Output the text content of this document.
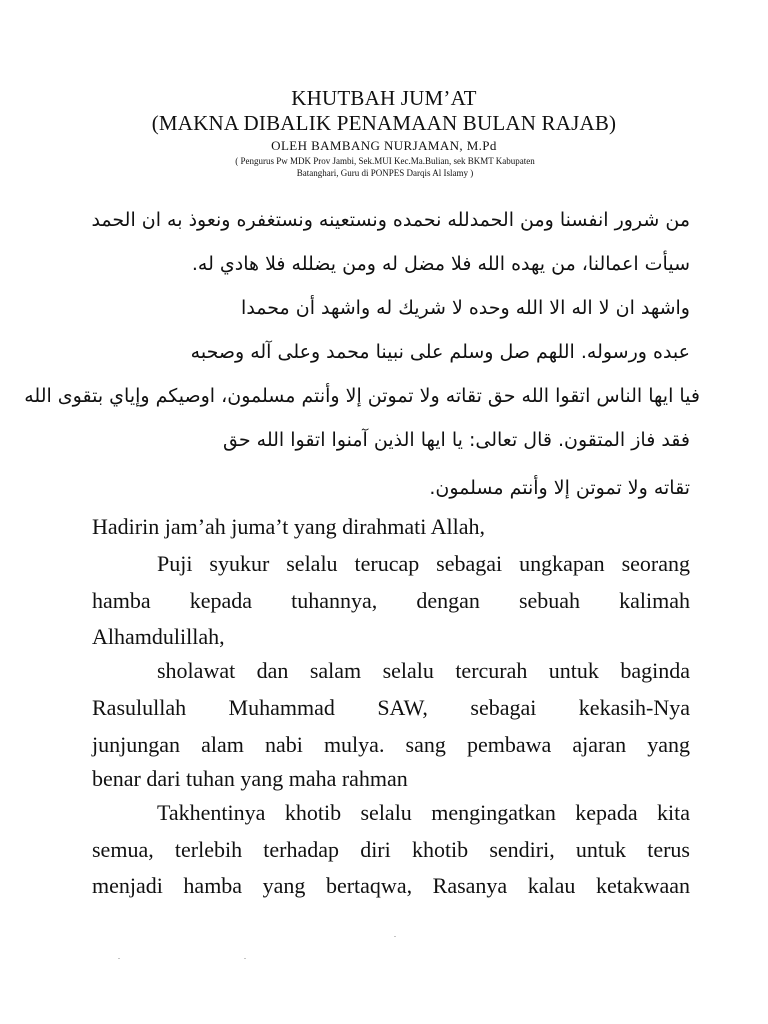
KHUTBAH JUM’AT
(MAKNA DIBALIK PENAMAAN BULAN RAJAB)
OLEH BAMBANG NURJAMAN, M.Pd
( Pengurus Pw MDK Prov Jambi, Sek.MUI Kec.Ma.Bulian, sek BKMT Kabupaten
Batanghari, Guru di PONPES Darqis Al Islamy )
من شرور انفسنا ومن الحمدلله نحمده ونستعينه ونستغفره ونعوذ به ان الحمد
سيأت اعمالنا، من يهده الله فلا مضل له ومن يضلله فلا هادي له.
واشهد ان لا اله الا الله وحده لا شريك له واشهد أن محمدا
عبده ورسوله. اللهم صل وسلم على نبينا محمد وعلى آله وصحبه
فيا ايها الناس اتقوا الله حق تقاته ولا تموتن إلا وأنتم مسلمون، اوصيكم وإياي بتقوى الله
فقد فاز المتقون. قال تعالى: يا ايها الذين آمنوا اتقوا الله حق
تقاته ولا تموتن إلا وأنتم مسلمون.
Hadirin jam’ah juma’t yang dirahmati Allah,
Puji syukur selalu terucap sebagai ungkapan seorang
hamba kepada tuhannya, dengan sebuah kalimah
Alhamdulillah,
sholawat dan salam selalu tercurah untuk baginda
Rasulullah Muhammad SAW, sebagai kekasih-Nya
junjungan alam nabi mulya. sang pembawa ajaran yang
benar dari tuhan yang maha rahman
Takhentinya khotib selalu mengingatkan kepada kita
semua, terlebih terhadap diri khotib sendiri, untuk terus
menjadi hamba yang bertaqwa, Rasanya kalau ketakwaan
.
.	.
